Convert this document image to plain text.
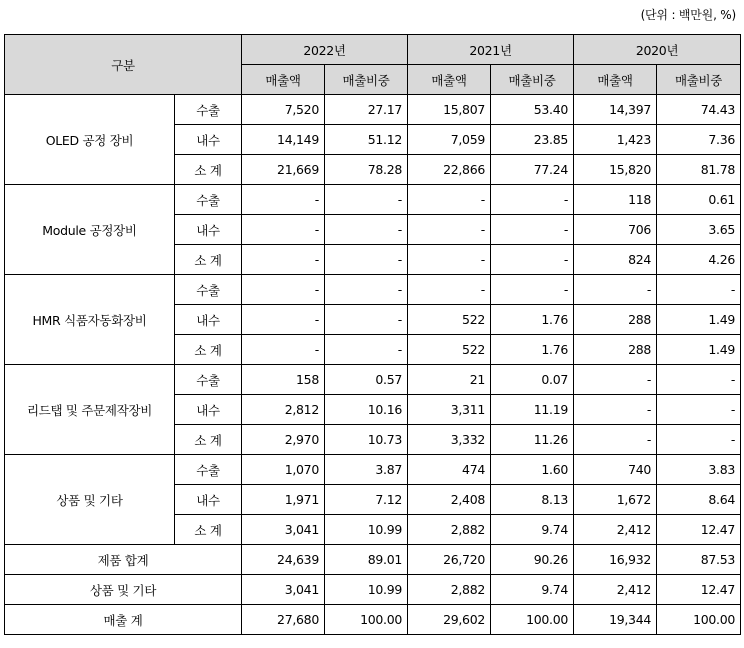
(단위 : 백만원, %)
구분		2022년		2021년		2020년	
		매출액	매출비중	매출액	매출비중	매출액	매출비중
OLED 공정 장비	수출	7,520	27.17	15,807	53.40	14,397	74.43
	내수	14,149	51.12	7,059	23.85	1,423	7.36
	소 계	21,669	78.28	22,866	77.24	15,820	81.78
Module 공정장비	수출	-	-	-	-	118	0.61
	내수	-	-	-	-	706	3.65
	소 계	-	-	-	-	824	4.26
HMR 식품자동화장비	수출	-	-	-	-	-	-
	내수	-	-	522	1.76	288	1.49
	소 계	-	-	522	1.76	288	1.49
리드탭 및 주문제작장비	수출	158	0.57	21	0.07	-	-
	내수	2,812	10.16	3,311	11.19	-	-
	소 계	2,970	10.73	3,332	11.26	-	-
상품 및 기타	수출	1,070	3.87	474	1.60	740	3.83
	내수	1,971	7.12	2,408	8.13	1,672	8.64
	소 계	3,041	10.99	2,882	9.74	2,412	12.47
제품 합계		24,639	89.01	26,720	90.26	16,932	87.53
상품 및 기타		3,041	10.99	2,882	9.74	2,412	12.47
매출 계		27,680	100.00	29,602	100.00	19,344	100.00
